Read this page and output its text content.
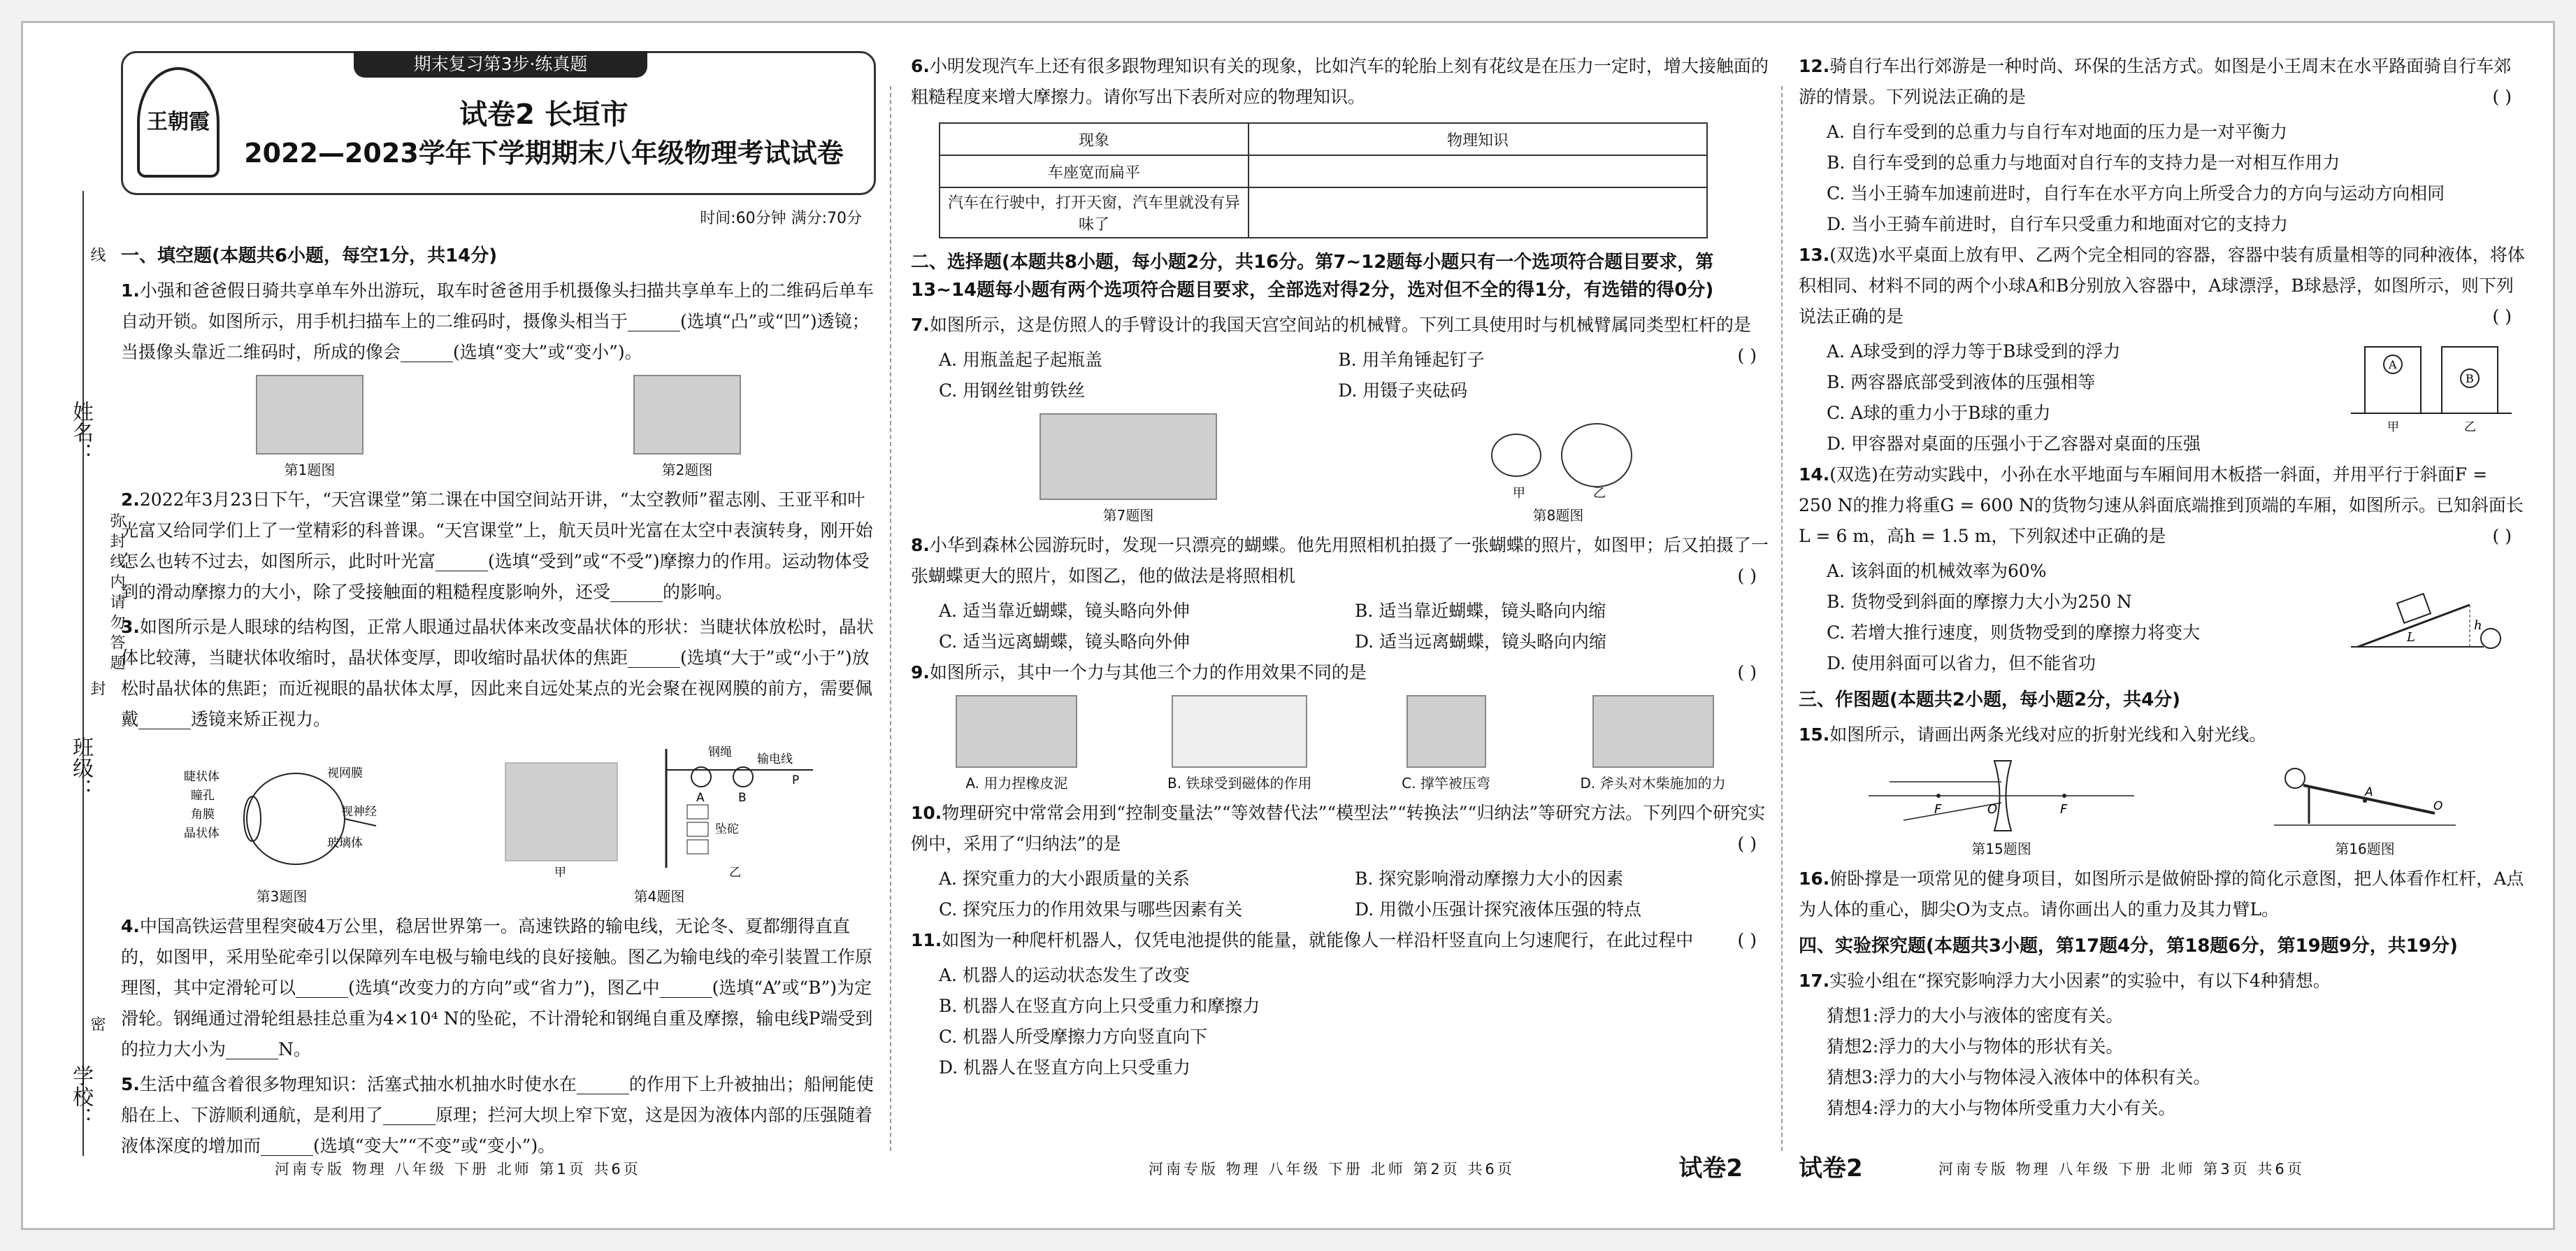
姓名：
班级：
学校：
弥 封 线 内 请 勿 答 题
线
封
密
期末复习第3步·练真题
王朝霞	试卷2 长垣市
2022—2023学年下学期期末八年级物理考试试卷
时间:60分钟 满分:70分
一、填空题(本题共6小题，每空1分，共14分)
1.小强和爸爸假日骑共享单车外出游玩，取车时爸爸用手机摄像头扫描共享单车上的二维码后单车自动开锁。如图所示，用手机扫描车上的二维码时，摄像头相当于______(选填“凸”或“凹”)透镜；当摄像头靠近二维码时，所成的像会______(选填“变大”或“变小”)。
第1题图	第2题图
2.2022年3月23日下午，“天宫课堂”第二课在中国空间站开讲，“太空教师”翟志刚、王亚平和叶光富又给同学们上了一堂精彩的科普课。“天宫课堂”上，航天员叶光富在太空中表演转身，刚开始怎么也转不过去，如图所示，此时叶光富______(选填“受到”或“不受”)摩擦力的作用。运动物体受到的滑动摩擦力的大小，除了受接触面的粗糙程度影响外，还受______的影响。
3.如图所示是人眼球的结构图，正常人眼通过晶状体来改变晶状体的形状：当睫状体放松时，晶状体比较薄，当睫状体收缩时，晶状体变厚，即收缩时晶状体的焦距______(选填“大于”或“小于”)放松时晶状体的焦距；而近视眼的晶状体太厚，因此来自远处某点的光会聚在视网膜的前方，需要佩戴______透镜来矫正视力。
睫状体
瞳孔
角膜
晶状体
视网膜
视神经
玻璃体
第3题图
钢绳 输电线
P
A	B
坠砣
甲	乙
第4题图
4.中国高铁运营里程突破4万公里，稳居世界第一。高速铁路的输电线，无论冬、夏都绷得直直的，如图甲，采用坠砣牵引以保障列车电极与输电线的良好接触。图乙为输电线的牵引装置工作原理图，其中定滑轮可以______(选填“改变力的方向”或“省力”)，图乙中______(选填“A”或“B”)为定滑轮。钢绳通过滑轮组悬挂总重为4×10⁴ N的坠砣，不计滑轮和钢绳自重及摩擦，输电线P端受到的拉力大小为______N。
5.生活中蕴含着很多物理知识：活塞式抽水机抽水时使水在______的作用下上升被抽出；船闸能使船在上、下游顺利通航，是利用了______原理；拦河大坝上窄下宽，这是因为液体内部的压强随着液体深度的增加而______(选填“变大”“不变”或“变小”)。
河南专版 物理 八年级 下册 北师 第1页 共6页
6.小明发现汽车上还有很多跟物理知识有关的现象，比如汽车的轮胎上刻有花纹是在压力一定时，增大接触面的粗糙程度来增大摩擦力。请你写出下表所对应的物理知识。
现象	物理知识
车座宽而扁平	
汽车在行驶中，打开天窗，汽车里就没有异味了	
二、选择题(本题共8小题，每小题2分，共16分。第7~12题每小题只有一个选项符合题目要求，第13~14题每小题有两个选项符合题目要求，全部选对得2分，选对但不全的得1分，有选错的得0分)
7.如图所示，这是仿照人的手臂设计的我国天宫空间站的机械臂。下列工具使用时与机械臂属同类型杠杆的是
( )
A. 用瓶盖起子起瓶盖	B. 用羊角锤起钉子
C. 用钢丝钳剪铁丝	D. 用镊子夹砝码
第7题图
甲	乙
第8题图
8.小华到森林公园游玩时，发现一只漂亮的蝴蝶。他先用照相机拍摄了一张蝴蝶的照片，如图甲；后又拍摄了一张蝴蝶更大的照片，如图乙，他的做法是将照相机	( )
A. 适当靠近蝴蝶，镜头略向外伸	B. 适当靠近蝴蝶，镜头略向内缩
C. 适当远离蝴蝶，镜头略向外伸	D. 适当远离蝴蝶，镜头略向内缩
9.如图所示，其中一个力与其他三个力的作用效果不同的是	( )
A. 用力捏橡皮泥	B. 铁球受到磁体的作用	C. 撑竿被压弯	D. 斧头对木柴施加的力
10.物理研究中常常会用到“控制变量法”“等效替代法”“模型法”“转换法”“归纳法”等研究方法。下列四个研究实例中，采用了“归纳法”的是	( )
A. 探究重力的大小跟质量的关系	B. 探究影响滑动摩擦力大小的因素
C. 探究压力的作用效果与哪些因素有关	D. 用微小压强计探究液体压强的特点
11.如图为一种爬杆机器人，仅凭电池提供的能量，就能像人一样沿杆竖直向上匀速爬行，在此过程中	( )
A. 机器人的运动状态发生了改变
B. 机器人在竖直方向上只受重力和摩擦力
C. 机器人所受摩擦力方向竖直向下
D. 机器人在竖直方向上只受重力
河南专版 物理 八年级 下册 北师 第2页 共6页	试卷2
12.骑自行车出行郊游是一种时尚、环保的生活方式。如图是小王周末在水平路面骑自行车郊游的情景。下列说法正确的是	( )
A. 自行车受到的总重力与自行车对地面的压力是一对平衡力
B. 自行车受到的总重力与地面对自行车的支持力是一对相互作用力
C. 当小王骑车加速前进时，自行车在水平方向上所受合力的方向与运动方向相同
D. 当小王骑车前进时，自行车只受重力和地面对它的支持力
13.(双选)水平桌面上放有甲、乙两个完全相同的容器，容器中装有质量相等的同种液体，将体积相同、材料不同的两个小球A和B分别放入容器中，A球漂浮，B球悬浮，如图所示，则下列说法正确的是	( )
A. A球受到的浮力等于B球受到的浮力
B. 两容器底部受到液体的压强相等
C. A球的重力小于B球的重力
D. 甲容器对桌面的压强小于乙容器对桌面的压强
A
B
甲	乙
14.(双选)在劳动实践中，小孙在水平地面与车厢间用木板搭一斜面，并用平行于斜面F = 250 N的推力将重G = 600 N的货物匀速从斜面底端推到顶端的车厢，如图所示。已知斜面长L = 6 m，高h = 1.5 m，下列叙述中正确的是	( )
A. 该斜面的机械效率为60%
B. 货物受到斜面的摩擦力大小为250 N
C. 若增大推行速度，则货物受到的摩擦力将变大
D. 使用斜面可以省力，但不能省功
L
h
三、作图题(本题共2小题，每小题2分，共4分)
15.如图所示，请画出两条光线对应的折射光线和入射光线。
F	O	F
第15题图
A
O
第16题图
16.俯卧撑是一项常见的健身项目，如图所示是做俯卧撑的简化示意图，把人体看作杠杆，A点为人体的重心，脚尖O为支点。请你画出人的重力及其力臂L。
四、实验探究题(本题共3小题，第17题4分，第18题6分，第19题9分，共19分)
17.实验小组在“探究影响浮力大小因素”的实验中，有以下4种猜想。
猜想1:浮力的大小与液体的密度有关。
猜想2:浮力的大小与物体的形状有关。
猜想3:浮力的大小与物体浸入液体中的体积有关。
猜想4:浮力的大小与物体所受重力大小有关。
试卷2	河南专版 物理 八年级 下册 北师 第3页 共6页
